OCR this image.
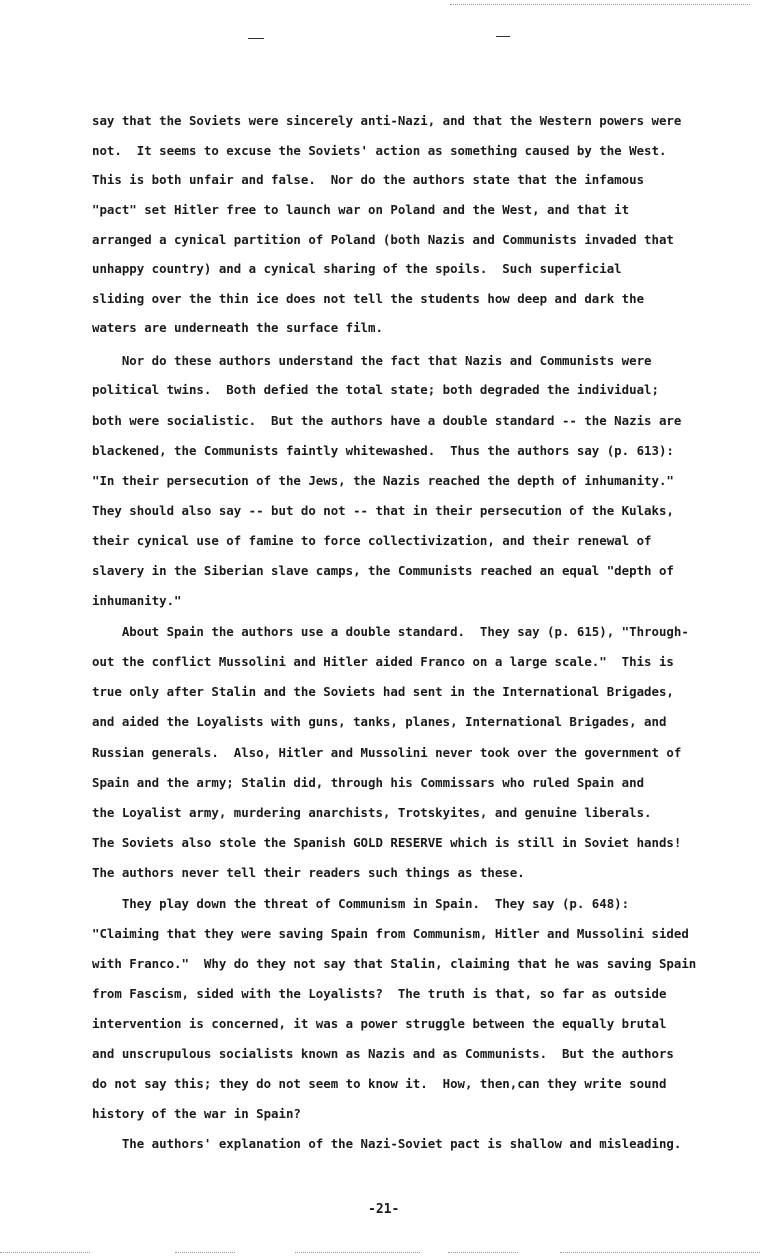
say that the Soviets were sincerely anti-Nazi, and that the Western powers were
not.  It seems to excuse the Soviets' action as something caused by the West.
This is both unfair and false.  Nor do the authors state that the infamous
"pact" set Hitler free to launch war on Poland and the West, and that it
arranged a cynical partition of Poland (both Nazis and Communists invaded that
unhappy country) and a cynical sharing of the spoils.  Such superficial
sliding over the thin ice does not tell the students how deep and dark the
waters are underneath the surface film.
Nor do these authors understand the fact that Nazis and Communists were
political twins.  Both defied the total state; both degraded the individual;
both were socialistic.  But the authors have a double standard -- the Nazis are
blackened, the Communists faintly whitewashed.  Thus the authors say (p. 613):
"In their persecution of the Jews, the Nazis reached the depth of inhumanity."
They should also say -- but do not -- that in their persecution of the Kulaks,
their cynical use of famine to force collectivization, and their renewal of
slavery in the Siberian slave camps, the Communists reached an equal "depth of
inhumanity."
About Spain the authors use a double standard.  They say (p. 615), "Through-
out the conflict Mussolini and Hitler aided Franco on a large scale."  This is
true only after Stalin and the Soviets had sent in the International Brigades,
and aided the Loyalists with guns, tanks, planes, International Brigades, and
Russian generals.  Also, Hitler and Mussolini never took over the government of
Spain and the army; Stalin did, through his Commissars who ruled Spain and
the Loyalist army, murdering anarchists, Trotskyites, and genuine liberals.
The Soviets also stole the Spanish GOLD RESERVE which is still in Soviet hands!
The authors never tell their readers such things as these.
They play down the threat of Communism in Spain.  They say (p. 648):
"Claiming that they were saving Spain from Communism, Hitler and Mussolini sided
with Franco."  Why do they not say that Stalin, claiming that he was saving Spain
from Fascism, sided with the Loyalists?  The truth is that, so far as outside
intervention is concerned, it was a power struggle between the equally brutal
and unscrupulous socialists known as Nazis and as Communists.  But the authors
do not say this; they do not seem to know it.  How, then,can they write sound
history of the war in Spain?
The authors' explanation of the Nazi-Soviet pact is shallow and misleading.
-21-
